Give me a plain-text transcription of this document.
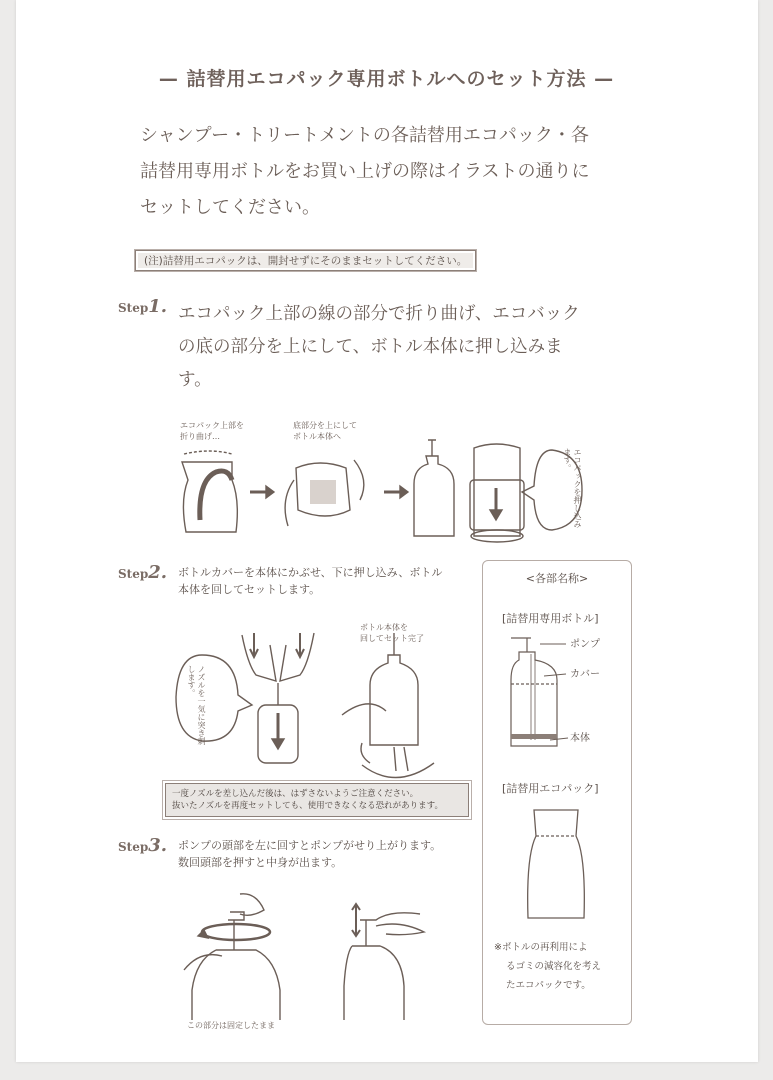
— 詰替用エコパック専用ボトルへのセット方法 —
シャンプー・トリートメントの各詰替用エコパック・各
詰替用専用ボトルをお買い上げの際はイラストの通りに
セットしてください。
(注)詰替用エコパックは、開封せずにそのままセットしてください。
Step1. エコパック上部の線の部分で折り曲げ、エコバック
の底の部分を上にして、ボトル本体に押し込みま
す。
エコパック上部を
折り曲げ…
底部分を上にして
ボトル本体へ
エコパックを押し込みます。
Step2. ボトルカバーを本体にかぶせ、下に押し込み、ボトル
本体を回してセットします。
ボトル本体を
回してセット完了
ノズルを一気に突き刺します。
一度ノズルを差し込んだ後は、はずさないようご注意ください。
抜いたノズルを再度セットしても、使用できなくなる恐れがあります。
Step3. ポンプの頭部を左に回すとポンプがせり上がります。
数回頭部を押すと中身が出ます。
この部分は固定したまま
<各部名称>
[詰替用専用ボトル]
ポンプ
カバー
本体
[詰替用エコパック]
※ボトルの再利用によ
るゴミの減容化を考え
たエコパックです。
